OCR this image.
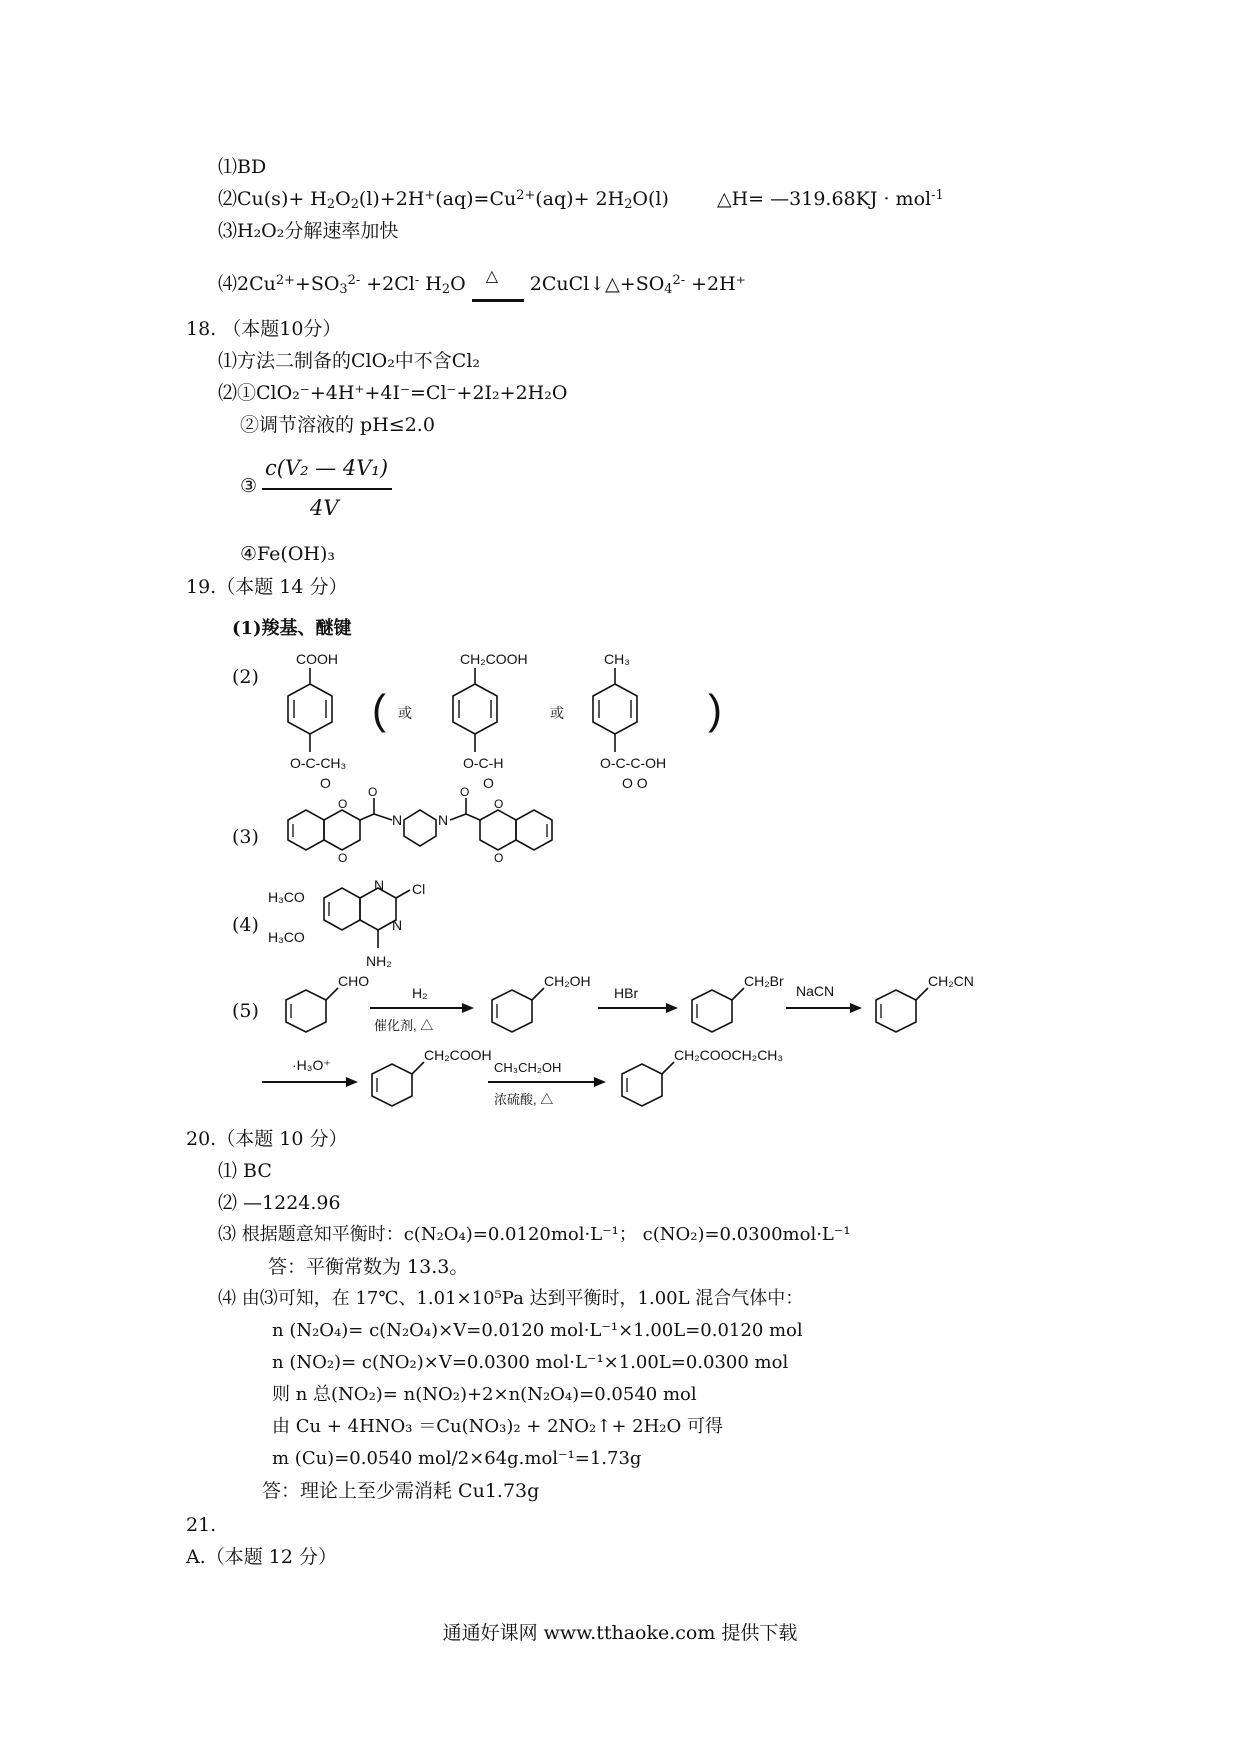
⑴BD
⑵Cu(s)+ $H_2O_2(l)+2H^+(aq)=Cu^{2+}(aq)+ 2H_2O(l)$  △H= —319.68KJ · mol$^{-1}$
⑶H₂O₂分解速率加快
$⑷2Cu^{2+}+SO_3^{2-} +2Cl^-$ $H_2O$ △ $2CuCl↓\triangle+SO_4^{2-} +2H^+$
18. （本题10分）
⑴方法二制备的ClO₂中不含Cl₂
⑵①ClO₂⁻+4H⁺+4I⁻=Cl⁻+2I₂+2H₂O
②调节溶液的 pH≤2.0
③
c(V₂ — 4V₁)
4V
④Fe(OH)₃
19.（本题 14 分）
(1)羧基、醚键
(2)
COOH
O-C-CH₃
O
( 或
CH₂COOH
O-C-H
O
或
CH₃
O-C-C-OH
O O
)
(3)
O
O
O
N	N
O
O
O
(4)
H₃CO
H₃CO
N
N
Cl
NH₂
(5)
CHO
H₂
催化剂, △
CH₂OH
HBr
CH₂Br
NaCN
CH₂CN
·H₃O⁺
CH₂COOH
CH₃CH₂OH
浓硫酸, △
CH₂COOCH₂CH₃
20.（本题 10 分）
⑴ BC
⑵ —1224.96
⑶ 根据题意知平衡时：c(N₂O₄)=0.0120mol·L⁻¹； c(NO₂)=0.0300mol·L⁻¹
答：平衡常数为 13.3。
⑷ 由⑶可知，在 17℃、1.01×10⁵Pa 达到平衡时，1.00L 混合气体中：
n (N₂O₄)= c(N₂O₄)×V=0.0120 mol·L⁻¹×1.00L=0.0120 mol
n (NO₂)= c(NO₂)×V=0.0300 mol·L⁻¹×1.00L=0.0300 mol
则 n 总(NO₂)= n(NO₂)+2×n(N₂O₄)=0.0540 mol
由 Cu + 4HNO₃ ＝Cu(NO₃)₂ + 2NO₂↑+ 2H₂O 可得
m (Cu)=0.0540 mol/2×64g.mol⁻¹=1.73g
答：理论上至少需消耗 Cu1.73g
21.
A.（本题 12 分）
通通好课网 www.tthaoke.com 提供下载
